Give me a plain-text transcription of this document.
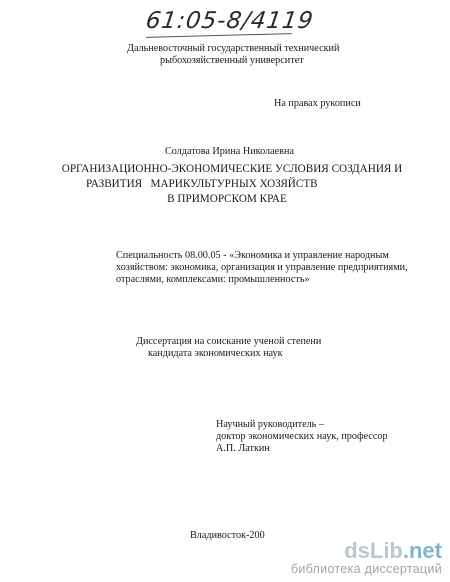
61:05-8/4119
Дальневосточный государственный технический
рыбохозяйственный университет
На правах рукописи
Солдатова Ирина Николаевна
ОРГАНИЗАЦИОННО-ЭКОНОМИЧЕСКИЕ УСЛОВИЯ СОЗДАНИЯ И
РАЗВИТИЯ   МАРИКУЛЬТУРНЫХ ХОЗЯЙСТВ
В ПРИМОРСКОМ КРАЕ
Специальность 08.00.05 - «Экономика и управление народным
хозяйством: экономика, организация и управление предприятиями,
отраслями, комплексами: промышленность»
Диссертация на соискание ученой степени
кандидата экономических наук
Научный руководитель –
доктор экономических наук, профессор
А.П. Латкин
Владивосток-200
dsLib.net
библиотека диссертаций
